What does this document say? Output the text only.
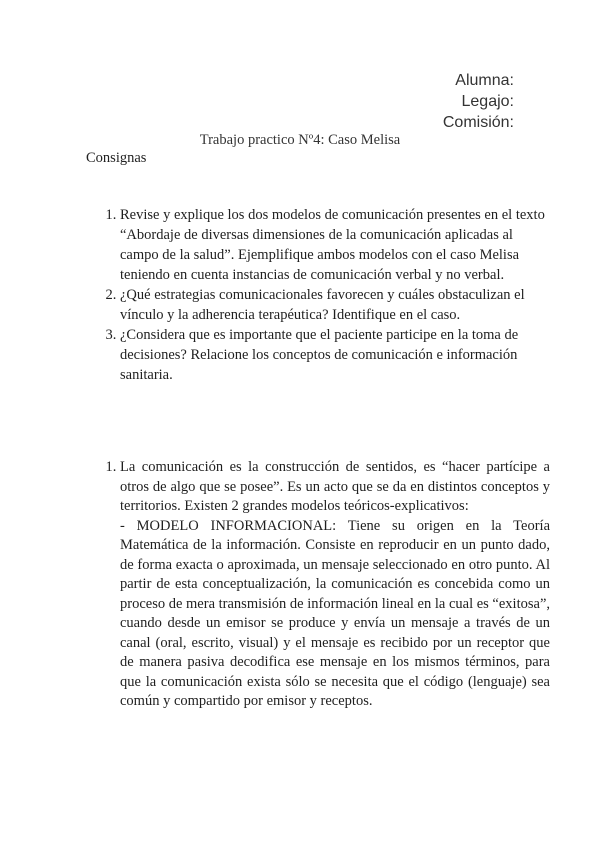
Alumna:
Legajo:
Comisión:
Trabajo practico Nº4: Caso Melisa
Consignas
1. Revise y explique los dos modelos de comunicación presentes en el texto “Abordaje de diversas dimensiones de la comunicación aplicadas al campo de la salud”. Ejemplifique ambos modelos con el caso Melisa teniendo en cuenta instancias de comunicación verbal y no verbal.
2. ¿Qué estrategias comunicacionales favorecen y cuáles obstaculizan el vínculo y la adherencia terapéutica? Identifique en el caso.
3. ¿Considera que es importante que el paciente participe en la toma de decisiones? Relacione los conceptos de comunicación e información sanitaria.

1. La comunicación es la construcción de sentidos, es “hacer partícipe a otros de algo que se posee”. Es un acto que se da en distintos conceptos y territorios. Existen 2 grandes modelos teóricos-explicativos:

- MODELO INFORMACIONAL: Tiene su origen en la Teoría Matemática de la información. Consiste en reproducir en un punto dado, de forma exacta o aproximada, un mensaje seleccionado en otro punto. Al partir de esta conceptualización, la comunicación es concebida como un proceso de mera transmisión de información lineal en la cual es “exitosa”, cuando desde un emisor se produce y envía un mensaje a través de un canal (oral, escrito, visual) y el mensaje es recibido por un receptor que de manera pasiva decodifica ese mensaje en los mismos términos, para que la comunicación exista sólo se necesita que el código (lenguaje) sea común y compartido por emisor y receptos.
